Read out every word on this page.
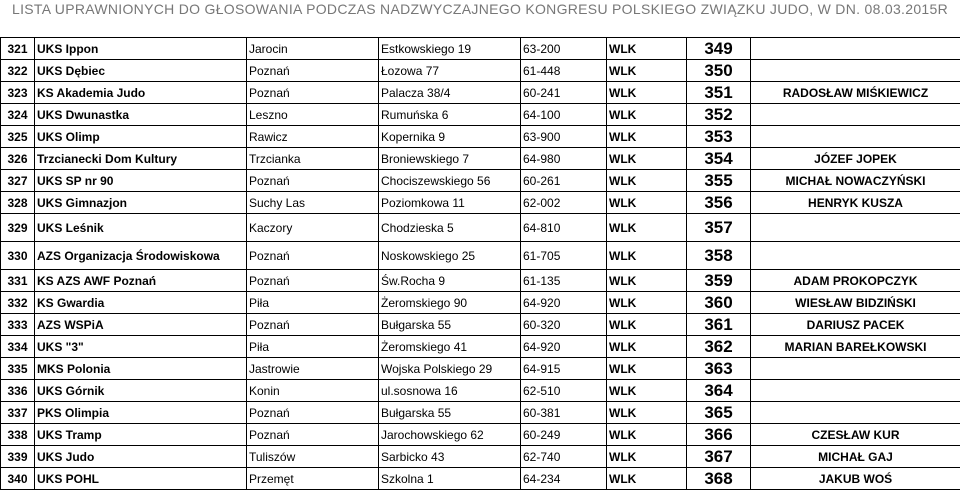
LISTA UPRAWNIONYCH DO GŁOSOWANIA PODCZAS NADZWYCZAJNEGO KONGRESU POLSKIEGO ZWIĄZKU JUDO, W DN. 08.03.2015R
321	UKS Ippon	Jarocin	Estkowskiego 19	63-200	WLK	349	
322	UKS Dębiec	Poznań	Łozowa 77	61-448	WLK	350	
323	KS Akademia Judo	Poznań	Palacza 38/4	60-241	WLK	351	RADOSŁAW MIŚKIEWICZ
324	UKS Dwunastka	Leszno	Rumuńska 6	64-100	WLK	352	
325	UKS Olimp	Rawicz	Kopernika 9	63-900	WLK	353	
326	Trzcianecki Dom Kultury	Trzcianka	Broniewskiego 7	64-980	WLK	354	JÓZEF JOPEK
327	UKS SP nr 90	Poznań	Chociszewskiego 56	60-261	WLK	355	MICHAŁ NOWACZYŃSKI
328	UKS Gimnazjon	Suchy Las	Poziomkowa 11	62-002	WLK	356	HENRYK KUSZA
329	UKS Leśnik	Kaczory	Chodzieska 5	64-810	WLK	357	
330	AZS Organizacja Środowiskowa	Poznań	Noskowskiego 25	61-705	WLK	358	
331	KS AZS AWF Poznań	Poznań	Św.Rocha 9	61-135	WLK	359	ADAM PROKOPCZYK
332	KS Gwardia	Piła	Żeromskiego 90	64-920	WLK	360	WIESŁAW BIDZIŃSKI
333	AZS WSPiA	Poznań	Bułgarska 55	60-320	WLK	361	DARIUSZ PACEK
334	UKS "3"	Piła	Żeromskiego 41	64-920	WLK	362	MARIAN BAREŁKOWSKI
335	MKS Polonia	Jastrowie	Wojska Polskiego 29	64-915	WLK	363	
336	UKS Górnik	Konin	ul.sosnowa 16	62-510	WLK	364	
337	PKS Olimpia	Poznań	Bułgarska 55	60-381	WLK	365	
338	UKS Tramp	Poznań	Jarochowskiego 62	60-249	WLK	366	CZESŁAW KUR
339	UKS Judo	Tuliszów	Sarbicko 43	62-740	WLK	367	MICHAŁ GAJ
340	UKS POHL	Przemęt	Szkolna 1	64-234	WLK	368	JAKUB WOŚ
